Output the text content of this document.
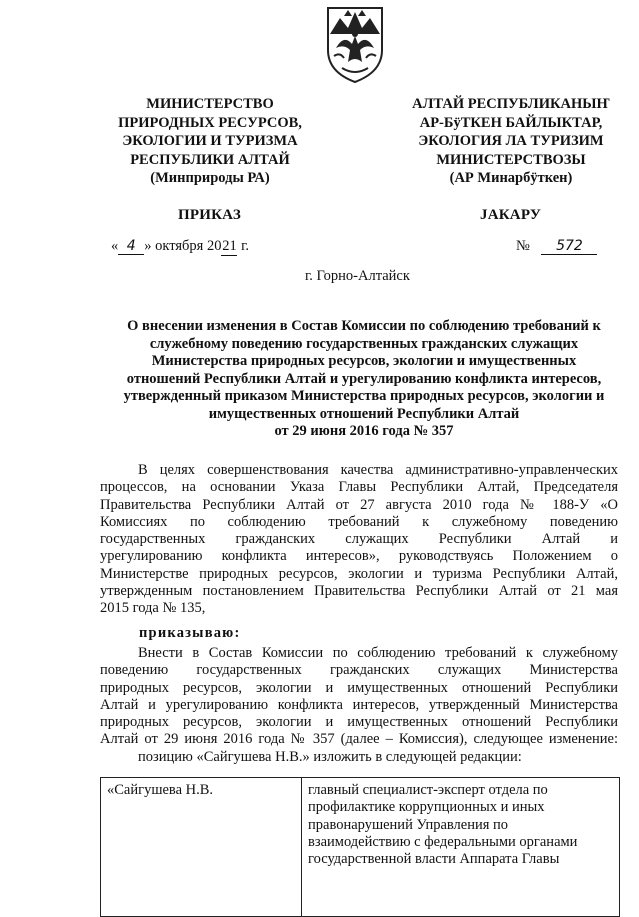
МИНИСТЕРСТВО
ПРИРОДНЫХ РЕСУРСОВ,
ЭКОЛОГИИ И ТУРИЗМА
РЕСПУБЛИКИ АЛТАЙ
(Минприроды РА)
АЛТАЙ РЕСПУБЛИКАНЫҤ
АР-БÿТКЕН БАЙЛЫКТАР,
ЭКОЛОГИЯ ЛА ТУРИЗИМ
МИНИСТЕРСТВОЗЫ
(АР Минарбÿткен)
ПРИКАЗ	JАКАРУ
« 4 » октября 2021 г.	№ 572
г. Горно-Алтайск
О внесении изменения в Состав Комиссии по соблюдению требований к
служебному поведению государственных гражданских служащих
Министерства природных ресурсов, экологии и имущественных
отношений Республики Алтай и урегулированию конфликта интересов,
утвержденный приказом Министерства природных ресурсов, экологии и
имущественных отношений Республики Алтай
от 29 июня 2016 года № 357
В целях совершенствования качества административно-управленческих
процессов, на основании Указа Главы Республики Алтай, Председателя
Правительства Республики Алтай от 27 августа 2010 года № 188-У «О
Комиссиях по соблюдению требований к служебному поведению
государственных гражданских служащих Республики Алтай и
урегулированию конфликта интересов», руководствуясь Положением о
Министерстве природных ресурсов, экологии и туризма Республики Алтай,
утвержденным постановлением Правительства Республики Алтай от 21 мая
2015 года № 135,
приказываю:
Внести в Состав Комиссии по соблюдению требований к служебному
поведению государственных гражданских служащих Министерства
природных ресурсов, экологии и имущественных отношений Республики
Алтай и урегулированию конфликта интересов, утвержденный Министерства
природных ресурсов, экологии и имущественных отношений Республики
Алтай от 29 июня 2016 года № 357 (далее – Комиссия), следующее изменение:
позицию «Сайгушева Н.В.» изложить в следующей редакции:
«Сайгушева Н.В.	главный специалист-эксперт отдела по
профилактике коррупционных и иных
правонарушений Управления по
взаимодействию с федеральными органами
государственной власти Аппарата Главы
